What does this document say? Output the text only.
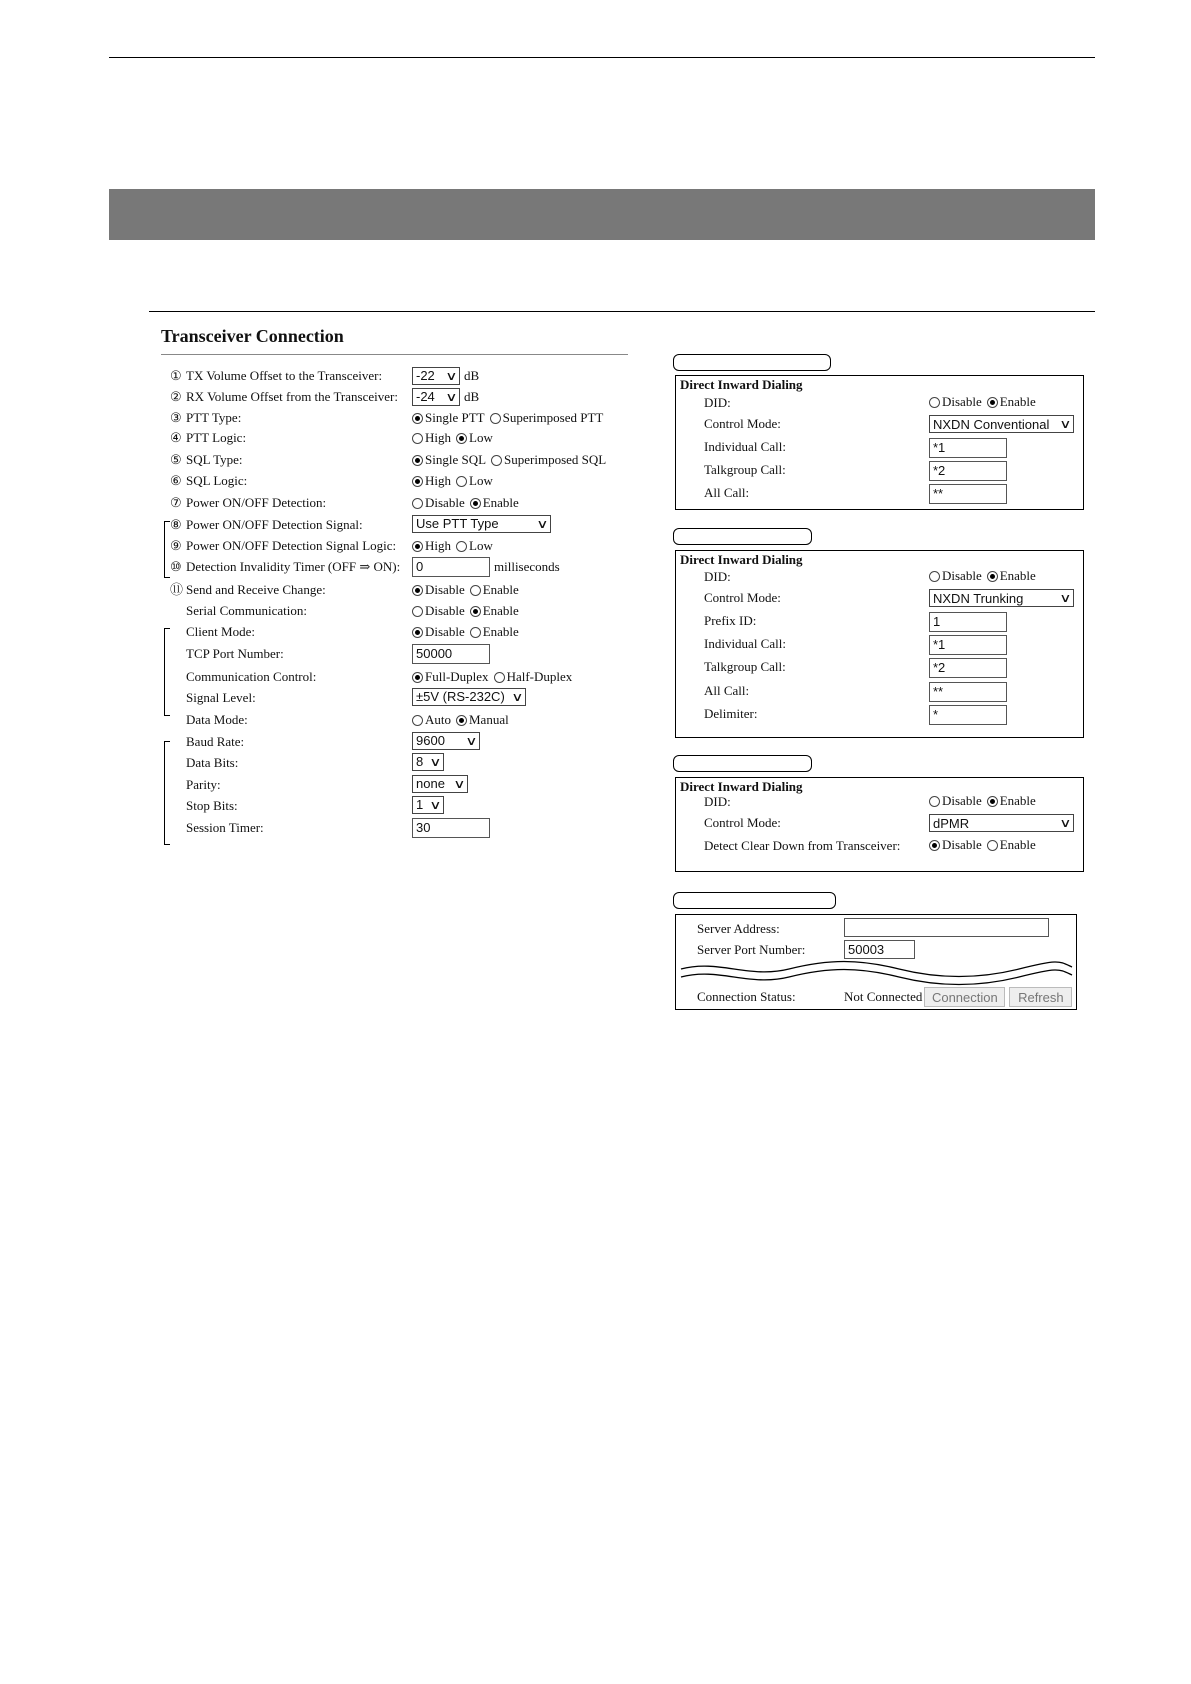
Transceiver Connection
① TX Volume Offset to the Transceiver:	-22 ∨ dB
② RX Volume Offset from the Transceiver: -24 ∨ dB
③ PTT Type:	Single PTT Superimposed PTT
④ PTT Logic:	High Low
⑤ SQL Type:	Single SQL Superimposed SQL
⑥ SQL Logic:	High Low
⑦ Power ON/OFF Detection:	Disable Enable
⑧ Power ON/OFF Detection Signal:	Use PTT Type	∨
⑨ Power ON/OFF Detection Signal Logic: High Low
⑩ Detection Invalidity Timer (OFF ⇒ ON):	0	milliseconds
⑪ Send and Receive Change:	Disable Enable
Serial Communication:	Disable Enable
Client Mode:	Disable Enable
TCP Port Number:	50000
Communication Control:	Full-Duplex Half-Duplex
Signal Level:	±5V (RS-232C) ∨
Data Mode:	Auto Manual
Baud Rate:	9600 ∨
Data Bits:	8 ∨
Parity:	none ∨
Stop Bits:	1 ∨
Session Timer:	30
Direct Inward Dialing
DID:	Disable Enable
Control Mode:	NXDN Conventional ∨
Individual Call:	*1
Talkgroup Call:	*2
All Call:	**
Direct Inward Dialing
DID:	Disable Enable
Control Mode:	NXDN Trunking	∨
Prefix ID:	1
Individual Call:	*1
Talkgroup Call:	*2
All Call:	**
Delimiter:	*
Direct Inward Dialing
DID:	Disable Enable
Control Mode:	dPMR	∨
Detect Clear Down from Transceiver:	Disable Enable
Server Address:
Server Port Number:	50003
Connection Status:	Not Connected Connection	Refresh
